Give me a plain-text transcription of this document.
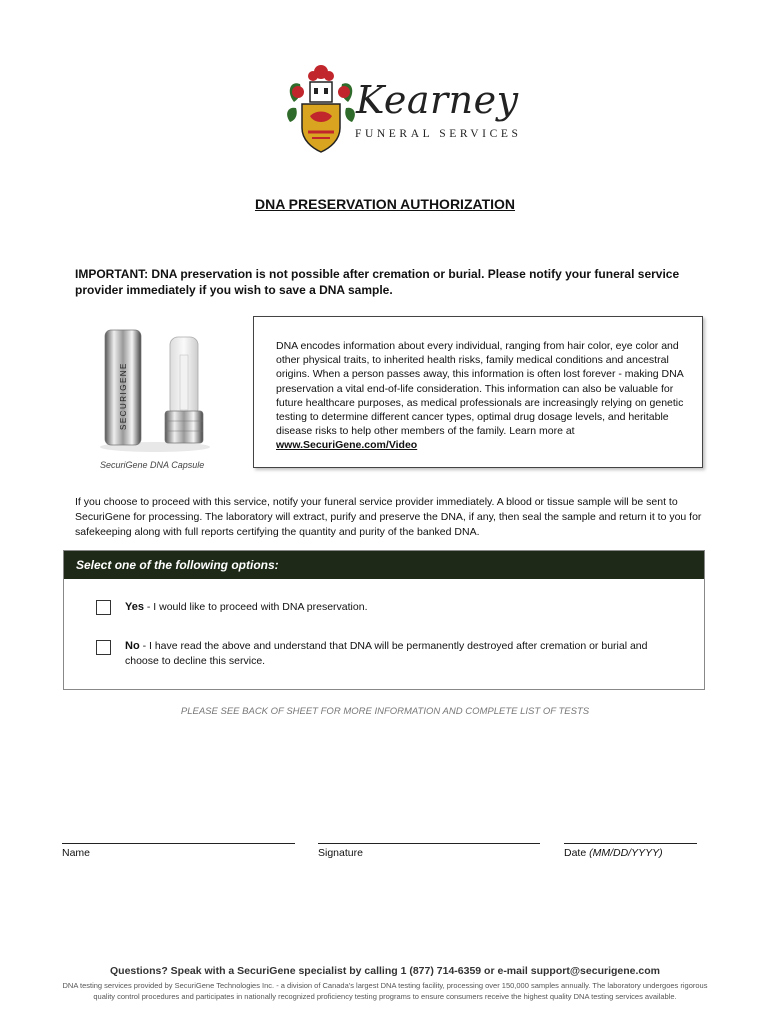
Kearney
FUNERAL SERVICES
DNA PRESERVATION AUTHORIZATION
IMPORTANT: DNA preservation is not possible after cremation or burial. Please notify your funeral service provider immediately if you wish to save a DNA sample.
SECURIGENE
SecuriGene DNA Capsule
DNA encodes information about every individual, ranging from hair color, eye color and other physical traits, to inherited health risks, family medical conditions and ancestral origins. When a person passes away, this information is often lost forever - making DNA preservation a vital end-of-life consideration. This information can also be valuable for future healthcare purposes, as medical professionals are increasingly relying on genetic testing to determine different cancer types, optimal drug dosage levels, and heritable disease risks to help other members of the family. Learn more at www.SecuriGene.com/Video
If you choose to proceed with this service, notify your funeral service provider immediately. A blood or tissue sample will be sent to SecuriGene for processing. The laboratory will extract, purify and preserve the DNA, if any, then seal the sample and return it to you for safekeeping along with full reports certifying the quantity and purity of the banked DNA.
Select one of the following options:
Yes - I would like to proceed with DNA preservation.
No - I have read the above and understand that DNA will be permanently destroyed after cremation or burial and choose to decline this service.
PLEASE SEE BACK OF SHEET FOR MORE INFORMATION AND COMPLETE LIST OF TESTS
Name	Signature	Date (MM/DD/YYYY)
Questions? Speak with a SecuriGene specialist by calling 1 (877) 714-6359 or e-mail support@securigene.com
DNA testing services provided by SecuriGene Technologies Inc. - a division of Canada's largest DNA testing facility, processing over 150,000 samples annually. The laboratory undergoes rigorous quality control procedures and participates in nationally recognized proficiency testing programs to ensure consumers receive the highest quality DNA testing services available.
